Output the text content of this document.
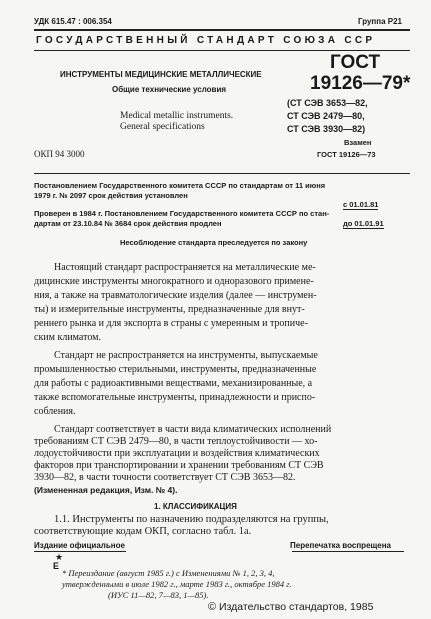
УДК 615.47 : 006.354	Группа Р21
ГОСУДАРСТВЕННЫЙ СТАНДАРТ СОЮЗА ССР
ИНСТРУМЕНТЫ МЕДИЦИНСКИЕ МЕТАЛЛИЧЕСКИЕ
Общие технические условия
Medical metallic instruments.
General specifications
ОКП 94 3000
ГОСТ
19126—79*
(СТ СЭВ 3653—82,
СТ СЭВ 2479—80,
СТ СЭВ 3930—82)
Взамен
ГОСТ 19126—73
Постановлением Государственного комитета СССР по стандартам от 11 июня
1979 г. № 2097 срок действия установлен
с 01.01.81
Проверен в 1984 г. Постановлением Государственного комитета СССР по стан-
дартам от 23.10.84 № 3684 срок действия продлен	до 01.01.91
Несоблюдение стандарта преследуется по закону
Настоящий стандарт распространяется на металлические ме-
дицинские инструменты многократного и одноразового примене-
ния, а также на травматологические изделия (далее — инструмен-
ты) и измерительные инструменты, предназначенные для внут-
реннего рынка и для экспорта в страны с умеренным и тропиче-
ским климатом.
Стандарт не распространяется на инструменты, выпускаемые
промышленностью стерильными, инструменты, предназначенные
для работы с радиоактивными веществами, механизированные, а
также вспомогательные инструменты, принадлежности и приспо-
собления.
Стандарт соответствует в части вида климатических исполнений
требованиям СТ СЭВ 2479—80, в части теплоустойчивости — хо-
лодоустойчивости при эксплуатации и воздействия климатических
факторов при транспортировании и хранении требованиям СТ СЭВ
3930—82, в части точности соответствует СТ СЭВ 3653—82.
1. КЛАССИФИКАЦИЯ
1.1. Инструменты по назначению подразделяются на группы,
соответствующие кодам ОКП, согласно табл. 1а.
Издание официальное	Перепечатка воспрещена
★
Е
* Переиздание (август 1985 г.) с Изменениями № 1, 2, 3, 4,
утвержденными в июле 1982 г., марте 1983 г., октябре 1984 г.
(ИУС 11—82, 7—83, 1—85).
© Издательство стандартов, 1985
(Измененная редакция, Изм. № 4).
